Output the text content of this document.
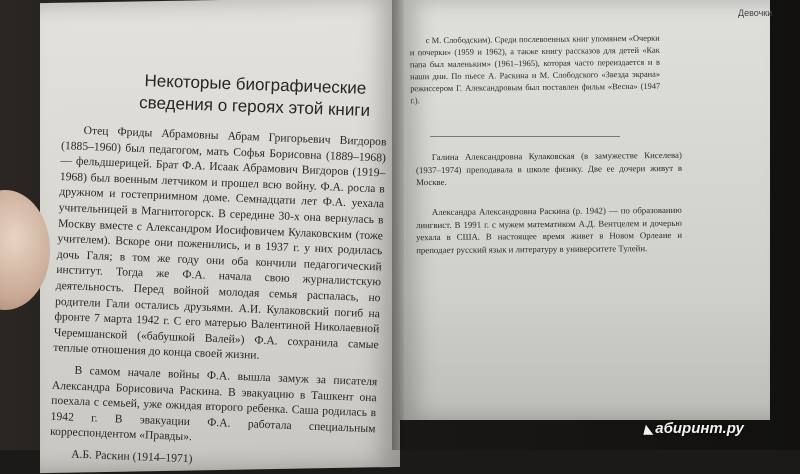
Некоторые биографические сведения о героях этой книги

Отец Фриды Абрамовны Абрам Григорьевич Вигдоров (1885–1960) был педагогом, мать Софья Борисовна (1889–1968) — фельдшерицей. Брат Ф.А. Исаак Абрамович Вигдоров (1919–1968) был военным летчиком и прошел всю войну. Ф.А. росла в дружном и гостеприимном доме. Семнадцати лет Ф.А. уехала учительницей в Магнитогорск. В середине 30-х она вернулась в Москву вместе с Александром Иосифовичем Кулаковским (тоже учителем). Вскоре они поженились, и в 1937 г. у них родилась дочь Галя; в том же году они оба кончили педагогический институт. Тогда же Ф.А. начала свою журналистскую деятельность. Перед войной молодая семья распалась, но родители Гали остались друзьями. А.И. Кулаковский погиб на фронте 7 марта 1942 г. С его матерью Валентиной Николаевной Черемшанской («бабушкой Валей») Ф.А. сохранила самые теплые отношения до конца своей жизни.

В самом начале войны Ф.А. вышла замуж за писателя Александра Борисовича Раскина. В эвакуацию в Ташкент она поехала с семьей, уже ожидая второго ребенка. Саша родилась в 1942 г. В эвакуации Ф.А. работала специальным корреспондентом «Правды».

А.Б. Раскин (1914–1971)

Девочки

с М. Слободским). Среди послевоенных книг упомянем «Очерки и почерки» (1959 и 1962), а также книгу рассказов для детей «Как папа был маленьким» (1961–1965), которая часто переиздается и в наши дни. По пьесе А. Раскина и М. Слободского «Звезда экрана» режиссером Г. Александровым был поставлен фильм «Весна» (1947 г.).

Галина Александровна Кулаковская (в замужестве Киселева) (1937–1974) преподавала в школе физику. Две ее дочери живут в Москве.

Александра Александровна Раскина (р. 1942) — по образованию лингвист. В 1991 г. с мужем математиком А.Д. Вентцелем и дочерью уехала в США. В настоящее время живет в Новом Орлеане и преподает русский язык и литературу в университете Тулейн.

◣ абиринт.ру
